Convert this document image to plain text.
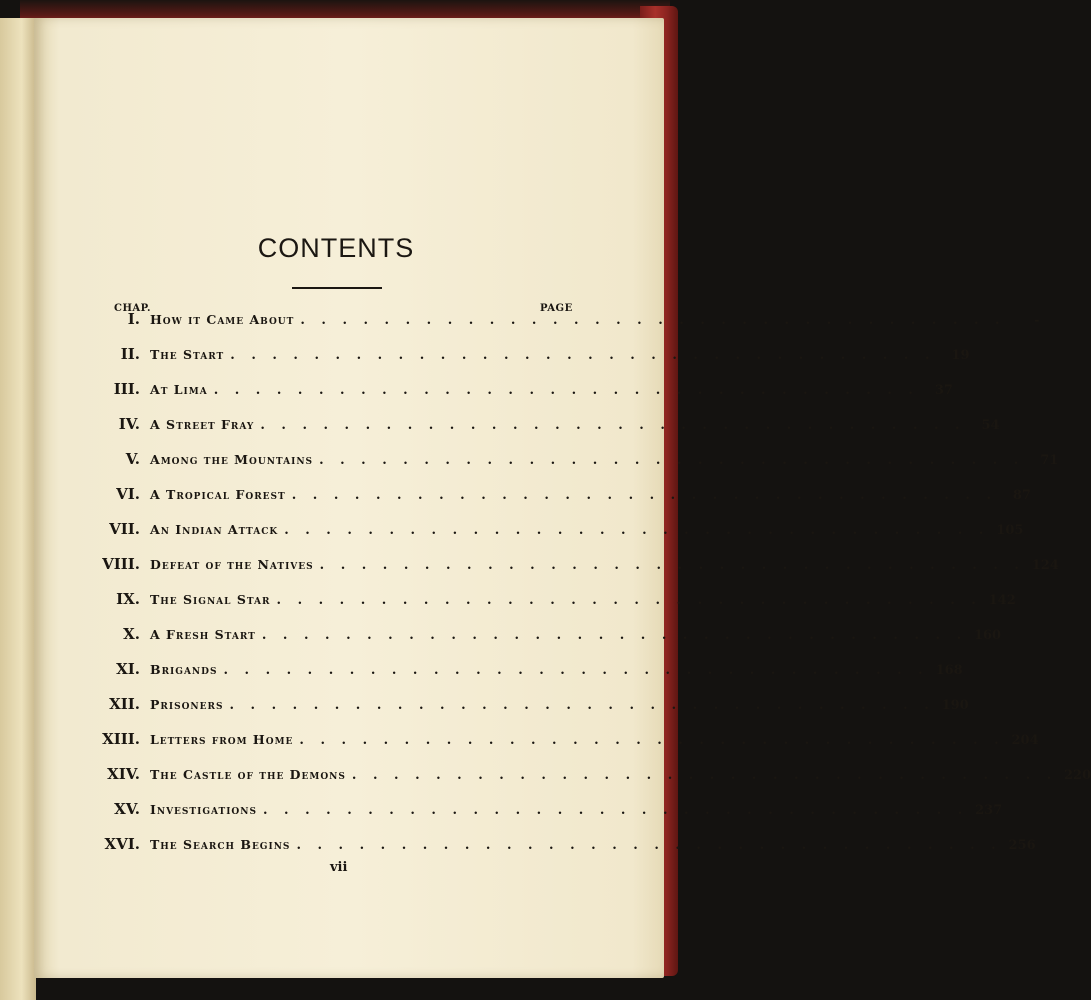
CONTENTS
CHAP.	PAGE
I. How it Came About . . . . . . . . . . . . . . . . . . . . . . . . . . . . . . . . . .	-
II. The Start . . . . . . . . . . . . . . . . . . . . . . . . . . . . . . . . . .	19
III. At Lima . . . . . . . . . . . . . . . . . . . . . . . . . . . . . . . . . .	37
IV. A Street Fray . . . . . . . . . . . . . . . . . . . . . . . . . . . . . . . . . .	54
V. Among the Mountains . . . . . . . . . . . . . . . . . . . . . . . . . . . . . . . . . .	71
VI. A Tropical Forest . . . . . . . . . . . . . . . . . . . . . . . . . . . . . . . . . .	87
VII. An Indian Attack . . . . . . . . . . . . . . . . . . . . . . . . . . . . . . . . . . 105
VIII. Defeat of the Natives . . . . . . . . . . . . . . . . . . . . . . . . . . . . . . . . . . 124
IX. The Signal Star . . . . . . . . . . . . . . . . . . . . . . . . . . . . . . . . . . 142
X. A Fresh Start . . . . . . . . . . . . . . . . . . . . . . . . . . . . . . . . . . 160
XI. Brigands . . . . . . . . . . . . . . . . . . . . . . . . . . . . . . . . . . 168
XII. Prisoners . . . . . . . . . . . . . . . . . . . . . . . . . . . . . . . . . . 190
XIII. Letters from Home . . . . . . . . . . . . . . . . . . . . . . . . . . . . . . . . . . 204
XIV. The Castle of the Demons . . . . . . . . . . . . . . . . . . . . . . . . . . . . . . . . . . 220
XV. Investigations . . . . . . . . . . . . . . . . . . . . . . . . . . . . . . . . . . 237
XVI. The Search Begins . . . . . . . . . . . . . . . . . . . . . . . . . . . . . . . . . . 256
vii
